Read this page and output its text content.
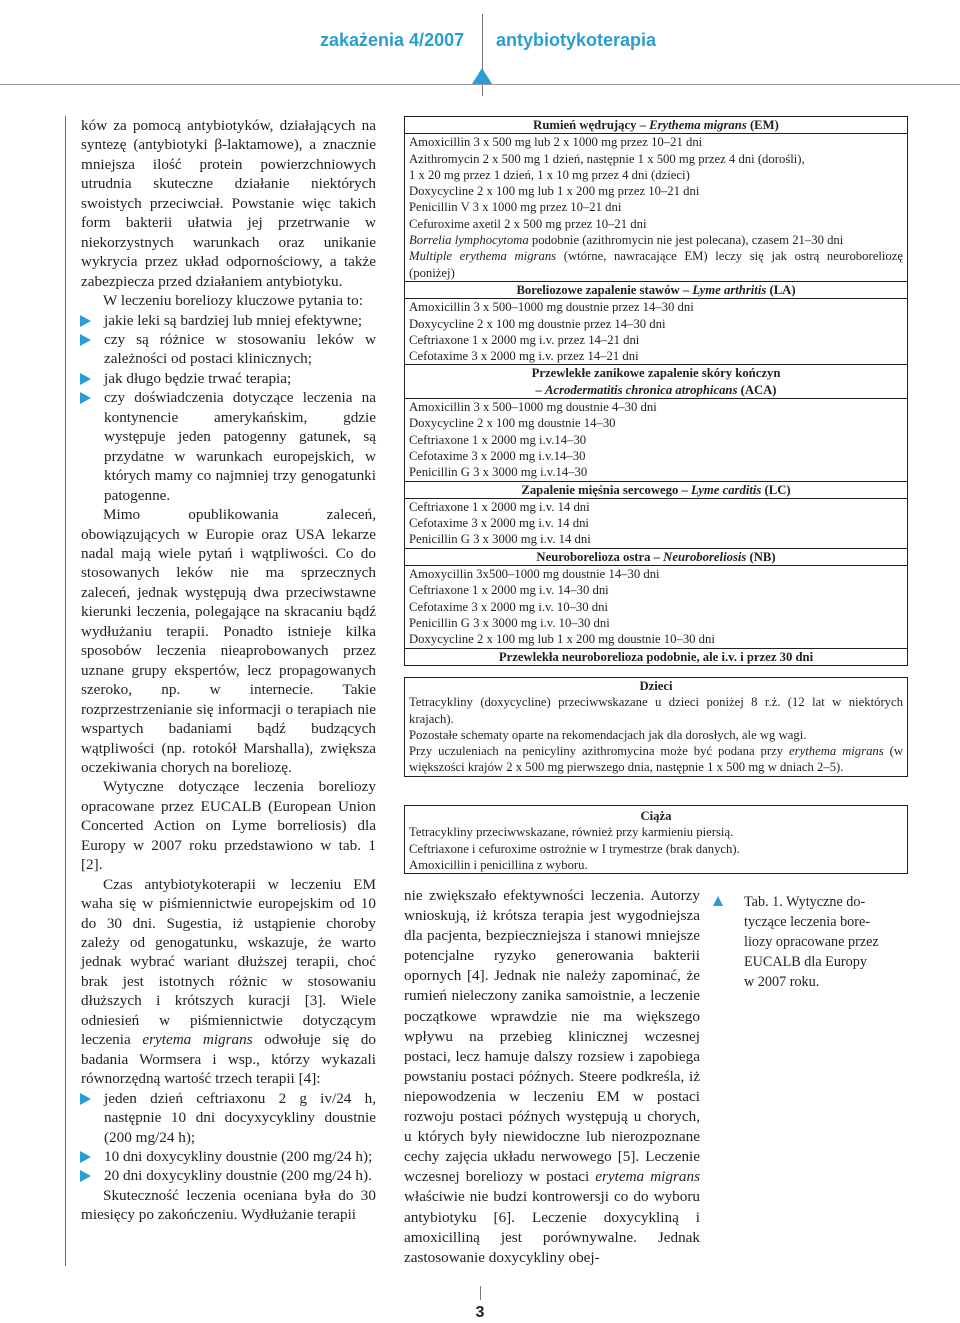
zakażenia 4/2007 antybiotykoterapia

ków za pomocą antybiotyków, działających na syntezę (antybiotyki β-laktamowe), a znacznie mniejsza ilość protein powierzchniowych utrudnia skuteczne działanie niektórych swoistych przeciwciał. Powstanie więc takich form bakterii ułatwia jej przetrwanie w niekorzystnych warunkach oraz unikanie wykrycia przez układ odpornościowy, a także zabezpiecza przed działaniem antybiotyku.

W leczeniu boreliozy kluczowe pytania to:

jakie leki są bardziej lub mniej efektywne;
czy są różnice w stosowaniu leków w zależności od postaci klinicznych;
jak długo będzie trwać terapia;
czy doświadczenia dotyczące leczenia na kontynencie amerykańskim, gdzie występuje jeden patogenny gatunek, są przydatne w warunkach europejskich, w których mamy co najmniej trzy genogatunki patogenne.

Mimo opublikowania zaleceń, obowiązujących w Europie oraz USA lekarze nadal mają wiele pytań i wątpliwości. Co do stosowanych leków nie ma sprzecznych zaleceń, jednak występują dwa przeciwstawne kierunki leczenia, polegające na skracaniu bądź wydłużaniu terapii. Ponadto istnieje kilka sposobów leczenia nieaprobowanych przez uznane grupy ekspertów, lecz propagowanych szeroko, np. w internecie. Takie rozprzestrzenianie się informacji o terapiach nie wspartych badaniami bądź budzących wątpliwości (np. rotokół Marshalla), zwiększa oczekiwania chorych na boreliozę.

Wytyczne dotyczące leczenia boreliozy opracowane przez EUCALB (European Union Concerted Action on Lyme borreliosis) dla Europy w 2007 roku przedstawiono w tab. 1 [2].

Czas antybiotykoterapii w leczeniu EM waha się w piśmiennictwie europejskim od 10 do 30 dni. Sugestia, iż ustąpienie choroby zależy od genogatunku, wskazuje, że warto jednak wybrać wariant dłuższej terapii, choć brak jest istotnych różnic w stosowaniu dłuższych i krótszych kuracji [3]. Wiele odniesień w piśmiennictwie dotyczącym leczenia erytema migrans odwołuje się do badania Wormsera i wsp., którzy wykazali równorzędną wartość trzech terapii [4]:

jeden dzień ceftriaxonu 2 g iv/24 h, następnie 10 dni docyxycykliny doustnie (200 mg/24 h);
10 dni doxycykliny doustnie (200 mg/24 h);
20 dni doxycykliny doustnie (200 mg/24 h).

Skuteczność leczenia oceniana była do 30 miesięcy po zakończeniu. Wydłużanie terapii

Rumień wędrujący – Erythema migrans (EM)
Amoxicillin 3 x 500 mg lub 2 x 1000 mg przez 10–21 dni
Azithromycin 2 x 500 mg 1 dzień, następnie 1 x 500 mg przez 4 dni (dorośli),
1 x 20 mg przez 1 dzień, 1 x 10 mg przez 4 dni (dzieci)
Doxycycline 2 x 100 mg lub 1 x 200 mg przez 10–21 dni
Penicillin V 3 x 1000 mg przez 10–21 dni
Cefuroxime axetil 2 x 500 mg przez 10–21 dni
Borrelia lymphocytoma podobnie (azithromycin nie jest polecana), czasem 21–30 dni
Multiple erythema migrans (wtórne, nawracające EM) leczy się jak ostrą neuroboreliozę (poniżej)
Boreliozowe zapalenie stawów – Lyme arthritis (LA)
Amoxicillin 3 x 500–1000 mg doustnie przez 14–30 dni
Doxycycline 2 x 100 mg doustnie przez 14–30 dni
Ceftriaxone 1 x 2000 mg i.v. przez 14–21 dni
Cefotaxime 3 x 2000 mg i.v. przez 14–21 dni
Przewlekłe zanikowe zapalenie skóry kończyn
– Acrodermatitis chronica atrophicans (ACA)
Amoxicillin 3 x 500–1000 mg doustnie 4–30 dni
Doxycycline 2 x 100 mg doustnie 14–30
Ceftriaxone 1 x 2000 mg i.v.14–30
Cefotaxime 3 x 2000 mg i.v.14–30
Penicillin G 3 x 3000 mg i.v.14–30
Zapalenie mięśnia sercowego – Lyme carditis (LC)
Ceftriaxone 1 x 2000 mg i.v. 14 dni
Cefotaxime 3 x 2000 mg i.v. 14 dni
Penicillin G 3 x 3000 mg i.v. 14 dni
Neuroborelioza ostra – Neuroboreliosis (NB)
Amoxycillin 3x500–1000 mg doustnie 14–30 dni
Ceftriaxone 1 x 2000 mg i.v. 14–30 dni
Cefotaxime 3 x 2000 mg i.v. 10–30 dni
Penicillin G 3 x 3000 mg i.v. 10–30 dni
Doxycycline 2 x 100 mg lub 1 x 200 mg doustnie 10–30 dni
Przewlekła neuroborelioza podobnie, ale i.v. i przez 30 dni
Dzieci
Tetracykliny (doxycycline) przeciwwskazane u dzieci poniżej 8 r.ż. (12 lat w niektórych krajach).
Pozostałe schematy oparte na rekomendacjach jak dla dorosłych, ale wg wagi.
Przy uczuleniach na penicyliny azithromycina może być podana przy erythema migrans (w większości krajów 2 x 500 mg pierwszego dnia, następnie 1 x 500 mg w dniach 2–5).
Ciąża
Tetracykliny przeciwwskazane, również przy karmieniu piersią.
Ceftriaxone i cefuroxime ostrożnie w I trymestrze (brak danych).
Amoxicillin i penicillina z wyboru.

nie zwiększało efektywności leczenia. Autorzy wnioskują, iż krótsza terapia jest wygodniejsza dla pacjenta, bezpieczniejsza i stanowi mniejsze potencjalne ryzyko generowania bakterii opornych [4]. Jednak nie należy zapominać, że rumień nieleczony zanika samoistnie, a leczenie początkowe wprawdzie nie ma większego wpływu na przebieg klinicznej wczesnej postaci, lecz hamuje dalszy rozsiew i zapobiega powstaniu postaci późnych. Steere podkreśla, iż niepowodzenia w leczeniu EM w postaci rozwoju postaci późnych występują u chorych, u których były niewidoczne lub nierozpoznane cechy zajęcia układu nerwowego [5]. Leczenie wczesnej boreliozy w postaci erytema migrans właściwie nie budzi kontrowersji co do wyboru antybiotyku [6]. Leczenie doxycykliną i amoxicilliną jest porównywalne. Jednak zastosowanie doxycykliny obej-

Tab. 1. Wytyczne do-
tyczące leczenia bore-
liozy opracowane przez
EUCALB dla Europy
w 2007 roku.
3
